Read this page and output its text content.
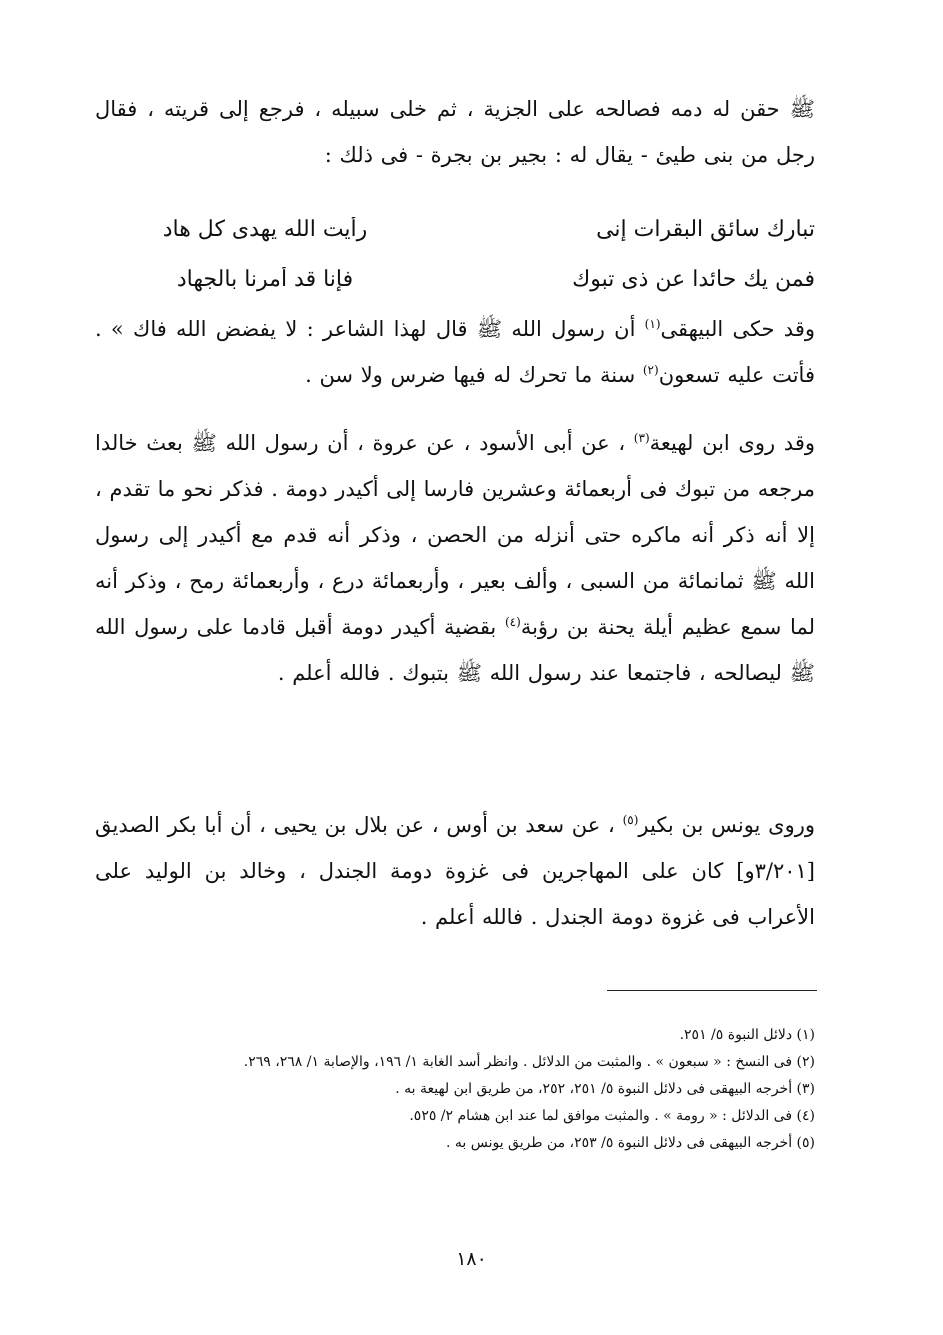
ﷺ حقن له دمه فصالحه على الجزية ، ثم خلى سبيله ، فرجع إلى قريته ، فقال رجل من بنى طيئ - يقال له : بجير بن بجرة - فى ذلك :
تبارك سائق البقرات إنى
رأيت الله يهدى كل هاد
فمن يك حائدا عن ذى تبوك
فإنا قد أمرنا بالجهاد
وقد حكى البيهقى$^{(١)}$ أن رسول الله ﷺ قال لهذا الشاعر : لا يفضض الله فاك » . فأتت عليه تسعون$^{(٢)}$ سنة ما تحرك له فيها ضرس ولا سن .
وقد روى ابن لهيعة$^{(٣)}$ ، عن أبى الأسود ، عن عروة ، أن رسول الله ﷺ بعث خالدا مرجعه من تبوك فى أربعمائة وعشرين فارسا إلى أكيدر دومة . فذكر نحو ما تقدم ، إلا أنه ذكر أنه ماكره حتى أنزله من الحصن ، وذكر أنه قدم مع أكيدر إلى رسول الله ﷺ ثمانمائة من السبى ، وألف بعير ، وأربعمائة درع ، وأربعمائة رمح ، وذكر أنه لما سمع عظيم أيلة يحنة بن رؤبة$^{(٤)}$ بقضية أكيدر دومة أقبل قادما على رسول الله ﷺ ليصالحه ، فاجتمعا عند رسول الله ﷺ بتبوك . فالله أعلم .
وروى يونس بن بكير$^{(٥)}$ ، عن سعد بن أوس ، عن بلال بن يحيى ، أن أبا بكر الصديق [٣/٢٠١و] كان على المهاجرين فى غزوة دومة الجندل ، وخالد بن الوليد على الأعراب فى غزوة دومة الجندل . فالله أعلم .
(١) دلائل النبوة ٥/ ٢٥١.
(٢) فى النسخ : « سبعون » . والمثبت من الدلائل . وانظر أسد الغابة ١/ ١٩٦، والإصابة ١/ ٢٦٨، ٢٦٩.
(٣) أخرجه البيهقى فى دلائل النبوة ٥/ ٢٥١، ٢٥٢، من طريق ابن لهيعة به .
(٤) فى الدلائل : « رومة » . والمثبت موافق لما عند ابن هشام ٢/ ٥٢٥.
(٥) أخرجه البيهقى فى دلائل النبوة ٥/ ٢٥٣، من طريق يونس به .
١٨٠
